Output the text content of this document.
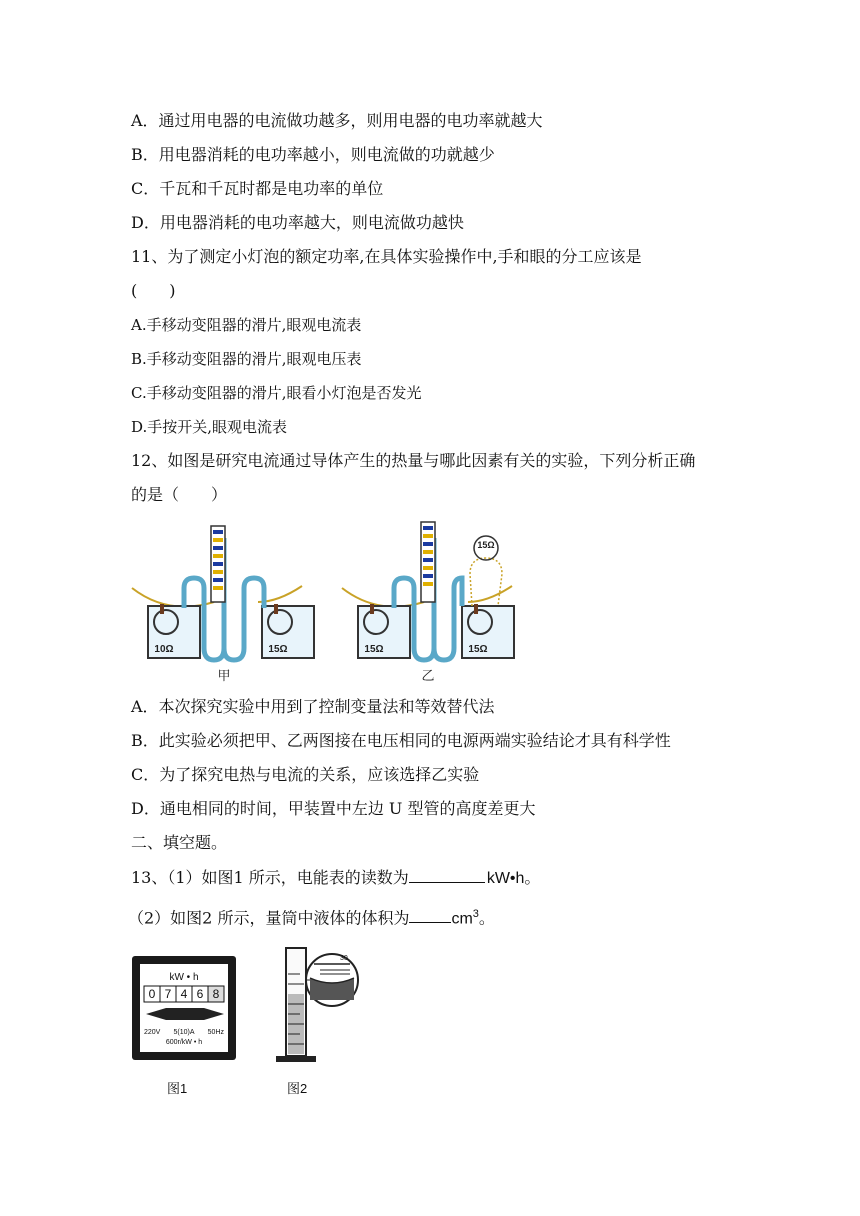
A．通过用电器的电流做功越多，则用电器的电功率就越大
B．用电器消耗的电功率越小，则电流做的功就越少
C．千瓦和千瓦时都是电功率的单位
D．用电器消耗的电功率越大，则电流做功越快
11、为了测定小灯泡的额定功率,在具体实验操作中,手和眼的分工应该是
(　　)
A.手移动变阻器的滑片,眼观电流表
B.手移动变阻器的滑片,眼观电压表
C.手移动变阻器的滑片,眼看小灯泡是否发光
D.手按开关,眼观电流表
12、如图是研究电流通过导体产生的热量与哪此因素有关的实验，下列分析正确
的是（　　）
10Ω	15Ω
甲
15Ω
15Ω	15Ω
乙
A．本次探究实验中用到了控制变量法和等效替代法
B．此实验必须把甲、乙两图接在电压相同的电源两端实验结论才具有科学性
C．为了探究电热与电流的关系，应该选择乙实验
D．通电相同的时间，甲装置中左边 U 型管的高度差更大
二、填空题。
13、（1）如图1 所示，电能表的读数为	kW•h。
（2）如图2 所示，量筒中液体的体积为	$cm^3$。
kW • h
0 7 4 6 8
220V 5(10)A 50Hz
600r/kW • h
图1
30
图2
